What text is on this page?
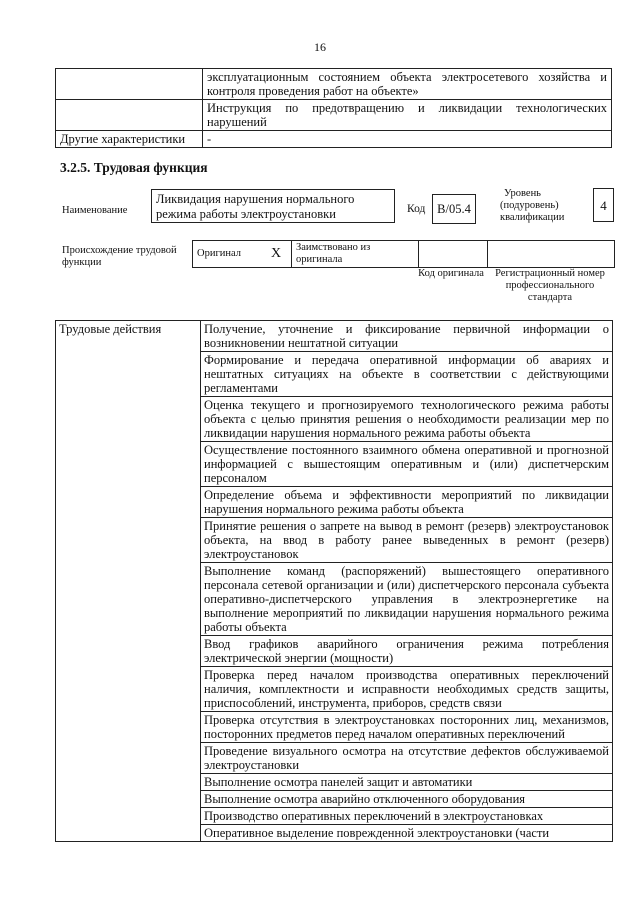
16
	эксплуатационным состоянием объекта электросетевого хозяйства и контроля проведения работ на объекте»
	Инструкция по предотвращению и ликвидации технологических нарушений
Другие характеристики	-
3.2.5. Трудовая функция
Наименование
Ликвидация нарушения нормального режима работы электроустановки	Код B/05.4
Уровень
(подуровень)
квалификации
4
Происхождение трудовой функции
Оригинал	X	Заимствовано из оригинала		
Код оригинала	Регистрационный номер профессионального стандарта
Трудовые действия	Получение, уточнение и фиксирование первичной информации о возникновении нештатной ситуации
Формирование и передача оперативной информации об авариях и нештатных ситуациях на объекте в соответствии с действующими регламентами
Оценка текущего и прогнозируемого технологического режима работы объекта с целью принятия решения о необходимости реализации мер по ликвидации нарушения нормального режима работы объекта
Осуществление постоянного взаимного обмена оперативной и прогнозной информацией с вышестоящим оперативным и (или) диспетчерским персоналом
Определение объема и эффективности мероприятий по ликвидации нарушения нормального режима работы объекта
Принятие решения о запрете на вывод в ремонт (резерв) электроустановок объекта, на ввод в работу ранее выведенных в ремонт (резерв) электроустановок
Выполнение команд (распоряжений) вышестоящего оперативного персонала сетевой организации и (или) диспетчерского персонала субъекта оперативно-диспетчерского управления в электроэнергетике на выполнение мероприятий по ликвидации нарушения нормального режима работы объекта
Ввод графиков аварийного ограничения режима потребления электрической энергии (мощности)
Проверка перед началом производства оперативных переключений наличия, комплектности и исправности необходимых средств защиты, приспособлений, инструмента, приборов, средств связи
Проверка отсутствия в электроустановках посторонних лиц, механизмов, посторонних предметов перед началом оперативных переключений
Проведение визуального осмотра на отсутствие дефектов обслуживаемой электроустановки
Выполнение осмотра панелей защит и автоматики
Выполнение осмотра аварийно отключенного оборудования
Производство оперативных переключений в электроустановках
Оперативное выделение поврежденной электроустановки (части
